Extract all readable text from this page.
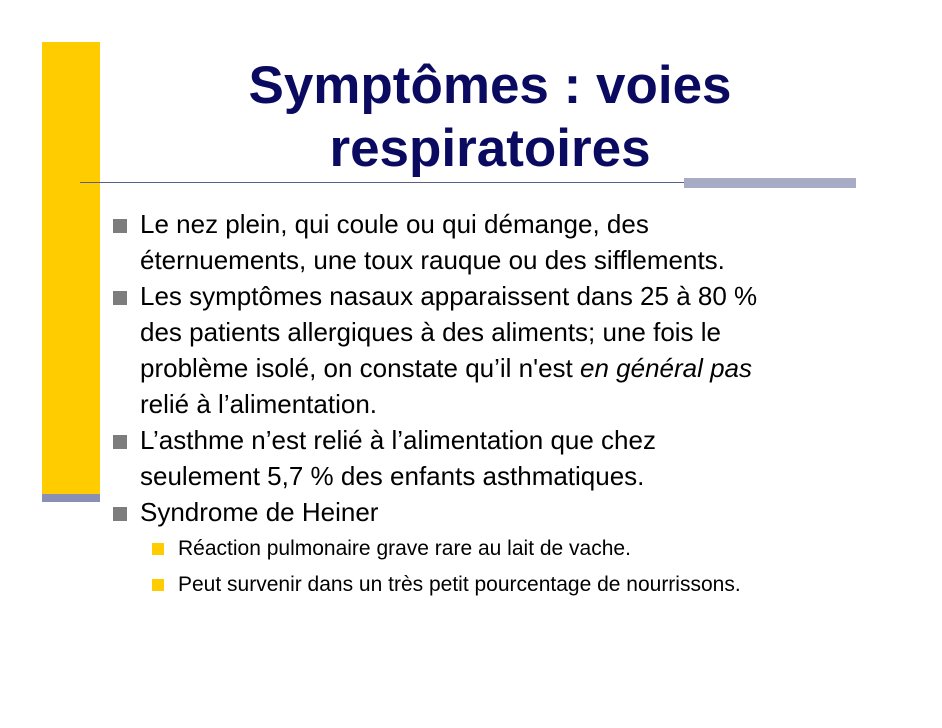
Symptômes : voies
respiratoires
Le nez plein, qui coule ou qui démange, des
éternuements, une toux rauque ou des sifflements.
Les symptômes nasaux apparaissent dans 25 à 80 %
des patients allergiques à des aliments; une fois le
problème isolé, on constate qu’il n'est en général pas
relié à l’alimentation.
L’asthme n’est relié à l’alimentation que chez
seulement 5,7 % des enfants asthmatiques.
Syndrome de Heiner
Réaction pulmonaire grave rare au lait de vache.
Peut survenir dans un très petit pourcentage de nourrissons.
